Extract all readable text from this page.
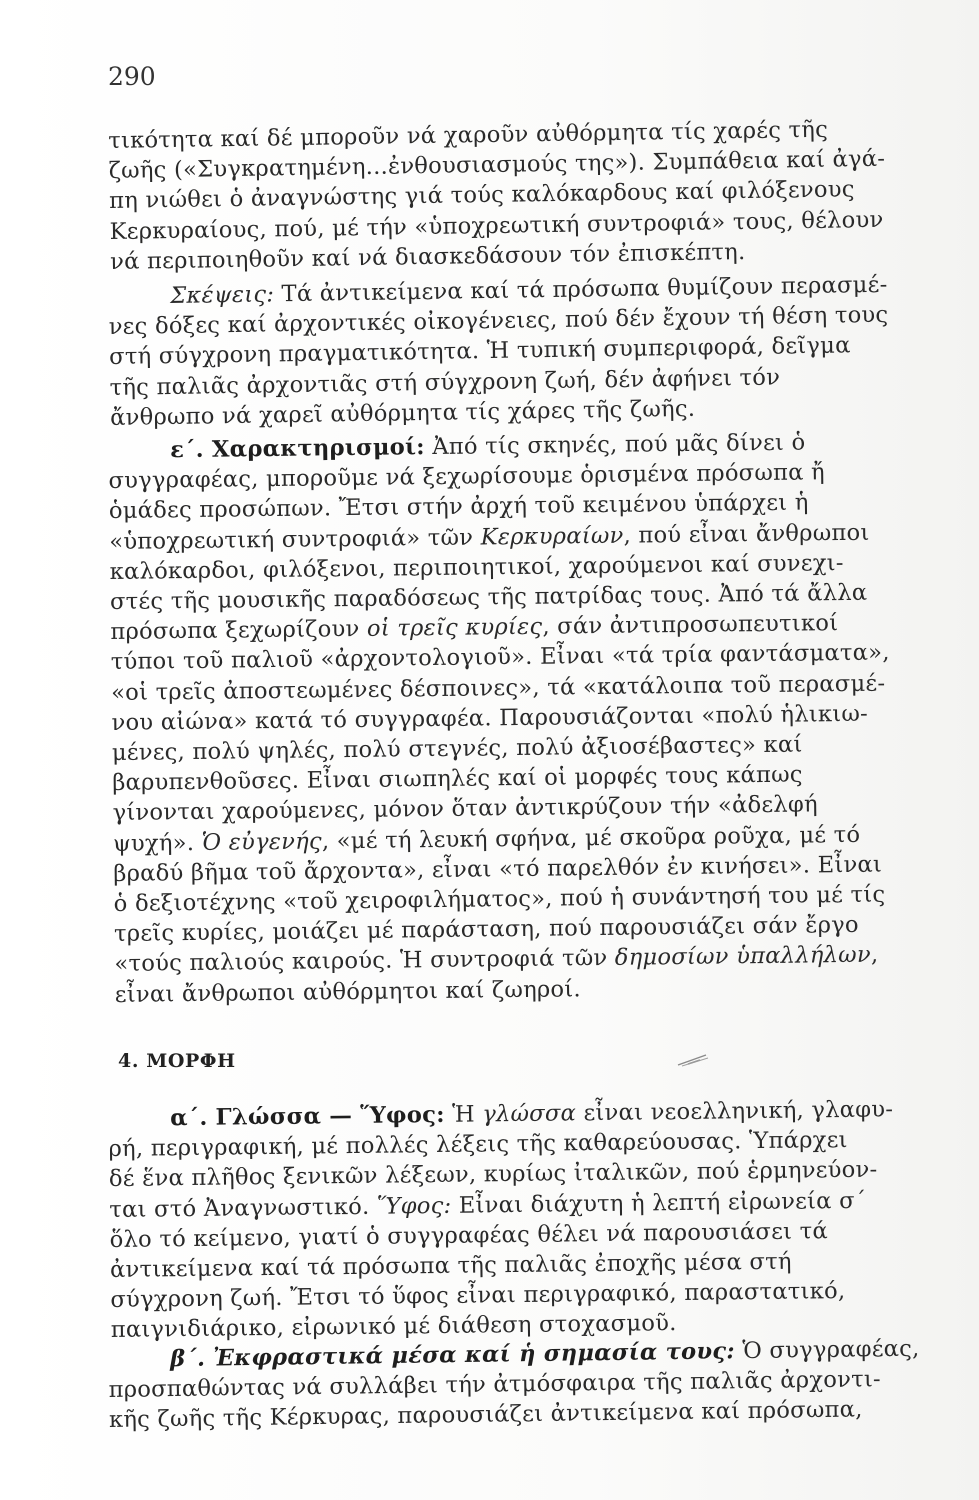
290
τικότητα καί δέ μποροῦν νά χαροῦν αὐθόρμητα τίς χαρές τῆς
ζωῆς («Συγκρατημένη...ἐνθουσιασμούς της»). Συμπάθεια καί ἀγά-
πη νιώθει ὁ ἀναγνώστης γιά τούς καλόκαρδους καί φιλόξενους
Κερκυραίους, πού, μέ τήν «ὑποχρεωτική συντροφιά» τους, θέλουν
νά περιποιηθοῦν καί νά διασκεδάσουν τόν ἐπισκέπτη.
Σκέψεις: Τά ἀντικείμενα καί τά πρόσωπα θυμίζουν περασμέ-
νες δόξες καί ἀρχοντικές οἰκογένειες, πού δέν ἔχουν τή θέση τους
στή σύγχρονη πραγματικότητα. Ἡ τυπική συμπεριφορά, δεῖγμα
τῆς παλιᾶς ἀρχοντιᾶς στή σύγχρονη ζωή, δέν ἀφήνει τόν
ἄνθρωπο νά χαρεῖ αὐθόρμητα τίς χάρες τῆς ζωῆς.
ε΄. Χαρακτηρισμοί: Ἀπό τίς σκηνές, πού μᾶς δίνει ὁ
συγγραφέας, μποροῦμε νά ξεχωρίσουμε ὁρισμένα πρόσωπα ἤ
ὁμάδες προσώπων. Ἔτσι στήν ἀρχή τοῦ κειμένου ὑπάρχει ἡ
«ὑποχρεωτική συντροφιά» τῶν Κερκυραίων, πού εἶναι ἄνθρωποι
καλόκαρδοι, φιλόξενοι, περιποιητικοί, χαρούμενοι καί συνεχι-
στές τῆς μουσικῆς παραδόσεως τῆς πατρίδας τους. Ἀπό τά ἄλλα
πρόσωπα ξεχωρίζουν οἱ τρεῖς κυρίες, σάν ἀντιπροσωπευτικοί
τύποι τοῦ παλιοῦ «ἀρχοντολογιοῦ». Εἶναι «τά τρία φαντάσματα»,
«οἱ τρεῖς ἀποστεωμένες δέσποινες», τά «κατάλοιπα τοῦ περασμέ-
νου αἰώνα» κατά τό συγγραφέα. Παρουσιάζονται «πολύ ἡλικιω-
μένες, πολύ ψηλές, πολύ στεγνές, πολύ ἀξιοσέβαστες» καί
βαρυπενθοῦσες. Εἶναι σιωπηλές καί οἱ μορφές τους κάπως
γίνονται χαρούμενες, μόνον ὅταν ἀντικρύζουν τήν «ἀδελφή
ψυχή». Ὁ εὐγενής, «μέ τή λευκή σφήνα, μέ σκοῦρα ροῦχα, μέ τό
βραδύ βῆμα τοῦ ἄρχοντα», εἶναι «τό παρελθόν ἐν κινήσει». Εἶναι
ὁ δεξιοτέχνης «τοῦ χειροφιλήματος», πού ἡ συνάντησή του μέ τίς
τρεῖς κυρίες, μοιάζει μέ παράσταση, πού παρουσιάζει σάν ἔργο
«τούς παλιούς καιρούς. Ἡ συντροφιά τῶν δημοσίων ὑπαλλήλων,
εἶναι ἄνθρωποι αὐθόρμητοι καί ζωηροί.
4. ΜΟΡΦΗ
α΄. Γλώσσα — Ὕφος: Ἡ γλώσσα εἶναι νεοελληνική, γλαφυ-
ρή, περιγραφική, μέ πολλές λέξεις τῆς καθαρεύουσας. Ὑπάρχει
δέ ἕνα πλῆθος ξενικῶν λέξεων, κυρίως ἰταλικῶν, πού ἑρμηνεύον-
ται στό Ἀναγνωστικό. Ὕφος: Εἶναι διάχυτη ἡ λεπτή εἰρωνεία σ΄
ὅλο τό κείμενο, γιατί ὁ συγγραφέας θέλει νά παρουσιάσει τά
ἀντικείμενα καί τά πρόσωπα τῆς παλιᾶς ἐποχῆς μέσα στή
σύγχρονη ζωή. Ἔτσι τό ὕφος εἶναι περιγραφικό, παραστατικό,
παιγνιδιάρικο, εἰρωνικό μέ διάθεση στοχασμοῦ.
β΄. Ἐκφραστικά μέσα καί ἡ σημασία τους: Ὁ συγγραφέας,
προσπαθώντας νά συλλάβει τήν ἀτμόσφαιρα τῆς παλιᾶς ἀρχοντι-
κῆς ζωῆς τῆς Κέρκυρας, παρουσιάζει ἀντικείμενα καί πρόσωπα,
